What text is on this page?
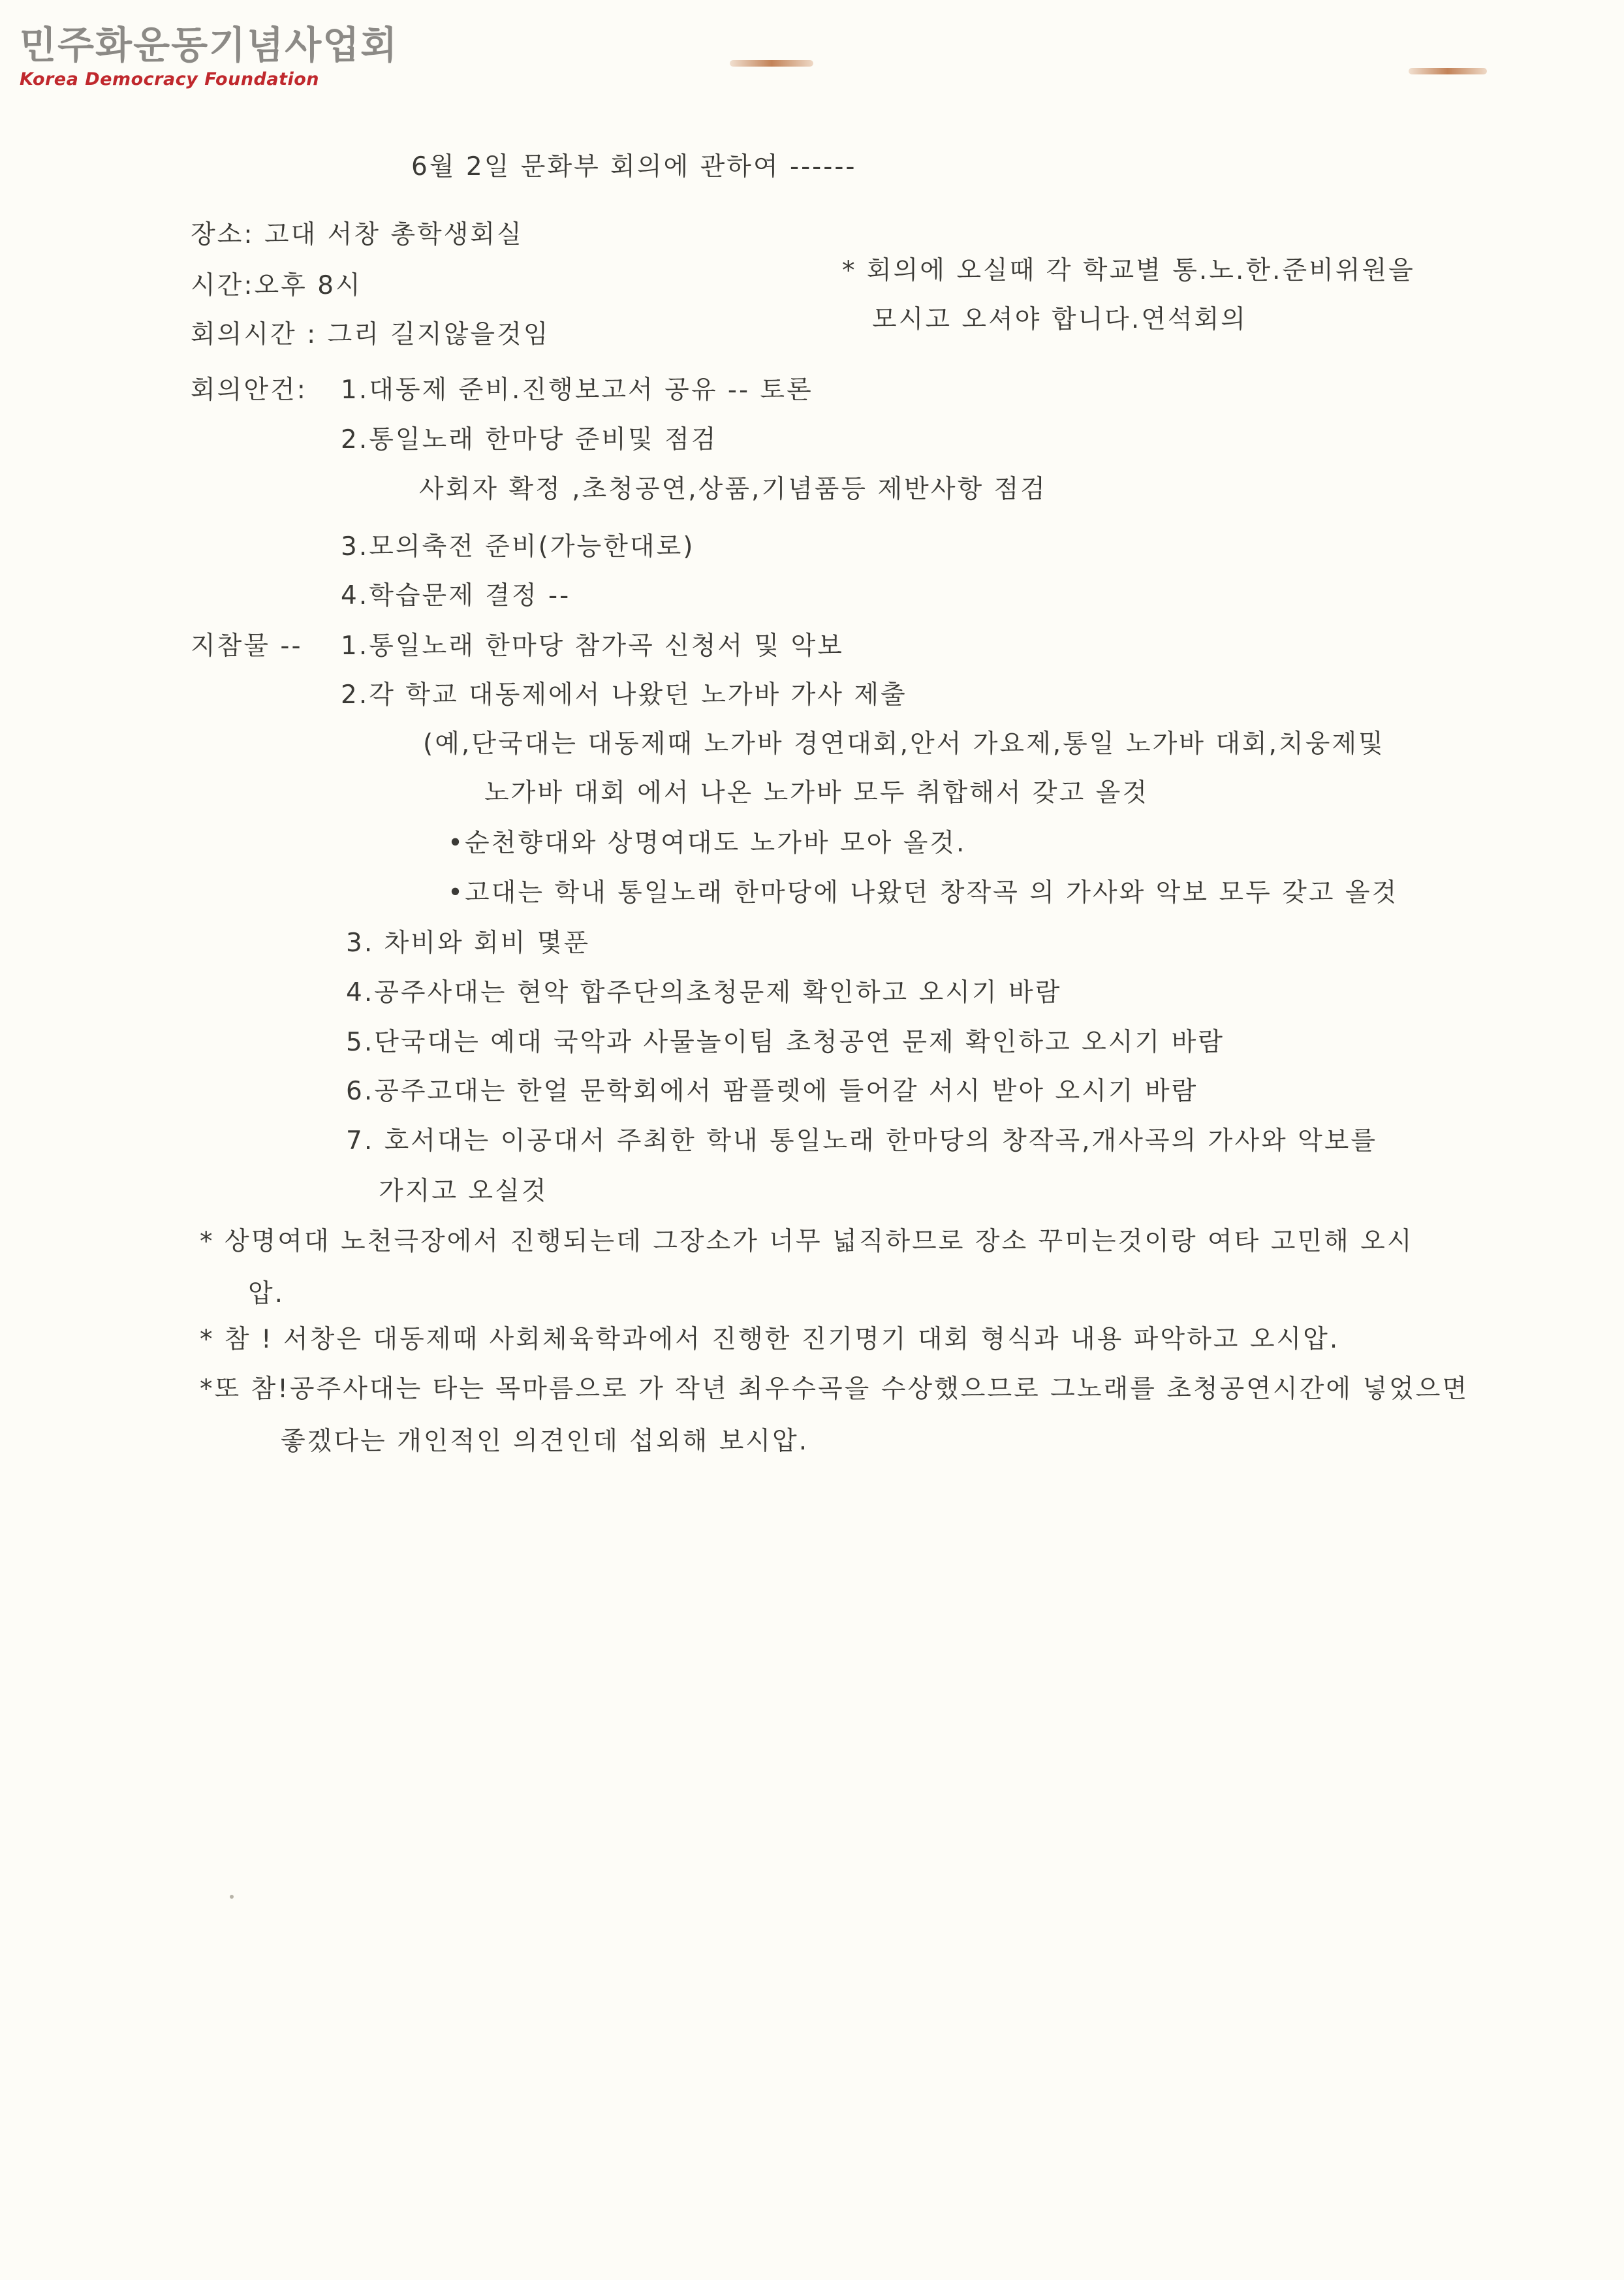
민주화운동기념사업회
Korea Democracy Foundation
6월 2일 문화부 회의에 관하여 ------
장소: 고대 서창 총학생회실
시간:오후 8시
회의시간 : 그리 길지않을것임
* 회의에 오실때 각 학교별 통.노.한.준비위원을
모시고 오셔야 합니다.연석회의
회의안건: 1.대동제 준비.진행보고서 공유 -- 토론
2.통일노래 한마당 준비및 점검
사회자 확정 ,초청공연,상품,기념품등 제반사항 점검
3.모의축전 준비(가능한대로)
4.학습문제 결정 --
지참물 -- 1.통일노래 한마당 참가곡 신청서 및 악보
2.각 학교 대동제에서 나왔던 노가바 가사 제출
(예,단국대는 대동제때 노가바 경연대회,안서 가요제,통일 노가바 대회,치웅제및
노가바 대회 에서 나온 노가바 모두 취합해서 갖고 올것
•순천향대와 상명여대도 노가바 모아 올것.
•고대는 학내 통일노래 한마당에 나왔던 창작곡 의 가사와 악보 모두 갖고 올것
3. 차비와 회비 몇푼
4.공주사대는 현악 합주단의초청문제 확인하고 오시기 바람
5.단국대는 예대 국악과 사물놀이팀 초청공연 문제 확인하고 오시기 바람
6.공주고대는 한얼 문학회에서 팜플렛에 들어갈 서시 받아 오시기 바람
7. 호서대는 이공대서 주최한 학내 통일노래 한마당의 창작곡,개사곡의 가사와 악보를
가지고 오실것
* 상명여대 노천극장에서 진행되는데 그장소가 너무 넓직하므로 장소 꾸미는것이랑 여타 고민해 오시
압.
* 참 ! 서창은 대동제때 사회체육학과에서 진행한 진기명기 대회 형식과 내용 파악하고 오시압.
*또 참!공주사대는 타는 목마름으로 가 작년 최우수곡을 수상했으므로 그노래를 초청공연시간에 넣었으면
좋겠다는 개인적인 의견인데 섭외해 보시압.
